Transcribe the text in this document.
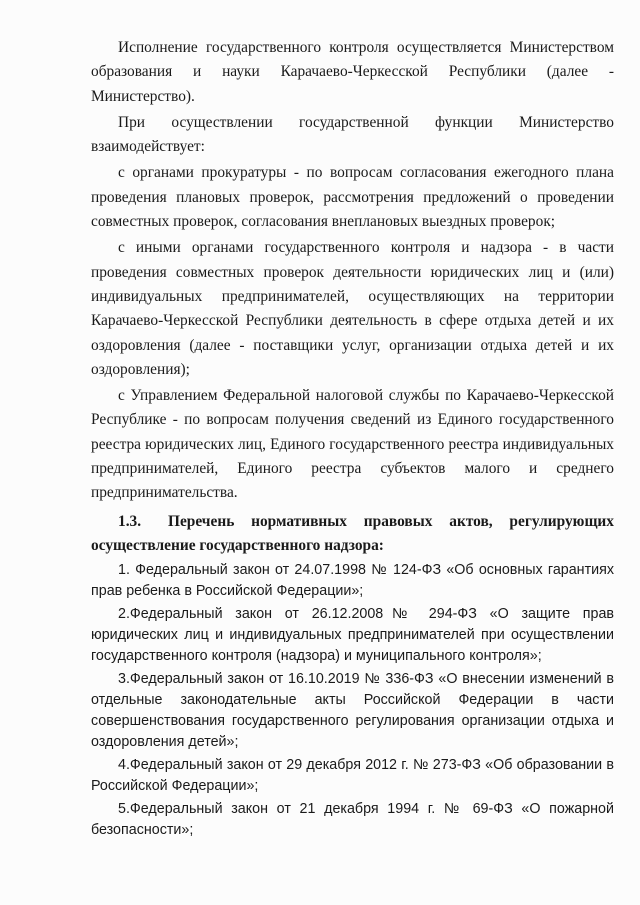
Исполнение государственного контроля осуществляется Министерством образования и науки Карачаево-Черкесской Республики (далее - Министерство).

При осуществлении государственной функции Министерство взаимодействует:

с органами прокуратуры - по вопросам согласования ежегодного плана проведения плановых проверок, рассмотрения предложений о проведении совместных проверок, согласования внеплановых выездных проверок;

с иными органами государственного контроля и надзора - в части проведения совместных проверок деятельности юридических лиц и (или) индивидуальных предпринимателей, осуществляющих на территории Карачаево-Черкесской Республики деятельность в сфере отдыха детей и их оздоровления (далее - поставщики услуг, организации отдыха детей и их оздоровления);

с Управлением Федеральной налоговой службы по Карачаево-Черкесской Республике - по вопросам получения сведений из Единого государственного реестра юридических лиц, Единого государственного реестра индивидуальных предпринимателей, Единого реестра субъектов малого и среднего предпринимательства.

1.3. Перечень нормативных правовых актов, регулирующих осуществление государственного надзора:

1. Федеральный закон от 24.07.1998 № 124-ФЗ «Об основных гарантиях прав ребенка в Российской Федерации»;

2.Федеральный закон от 26.12.2008№ 294-ФЗ «О защите прав юридических лиц и индивидуальных предпринимателей при осуществлении государственного контроля (надзора) и муниципального контроля»;

3.Федеральный закон от 16.10.2019 № 336-ФЗ «О внесении изменений в отдельные законодательные акты Российской Федерации в части совершенствования государственного регулирования организации отдыха и оздоровления детей»;

4.Федеральный закон от 29 декабря 2012 г. № 273-ФЗ «Об образовании в Российской Федерации»;

5.Федеральный закон от 21 декабря 1994 г. № 69-ФЗ «О пожарной безопасности»;
